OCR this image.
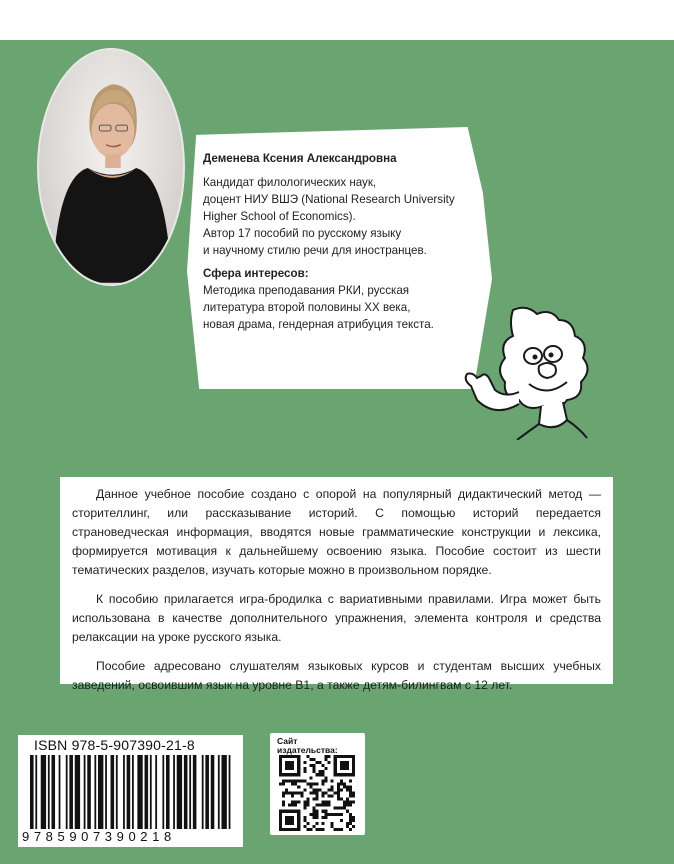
Деменева Ксения Александровна

Кандидат филологических наук,
доцент НИУ ВШЭ (National Research University
Higher School of Economics).
Автор 17 пособий по русскому языку
и научному стилю речи для иностранцев.

Сфера интересов:

Методика преподавания РКИ, русская
литература второй половины XX века,
новая драма, гендерная атрибуция текста.

Данное учебное пособие создано с опорой на популярный дидактический метод — сторителлинг, или рассказывание историй. С помощью историй передается страноведческая информация, вводятся новые грамматические конструкции и лексика, формируется мотивация к дальнейшему освоению языка. Пособие состоит из шести тематических разделов, изучать которые можно в произвольном порядке.

К пособию прилагается игра-бродилка с вариативными правилами. Игра может быть использована в качестве дополнительного упражнения, элемента контроля и средства релаксации на уроке русского языка.

Пособие адресовано слушателям языковых курсов и студентам высших учебных заведений, освоившим язык на уровне B1, а также детям-билингвам с 12 лет.

ISBN 978-5-907390-21-8
9785907390218
Сайт
издательства:
